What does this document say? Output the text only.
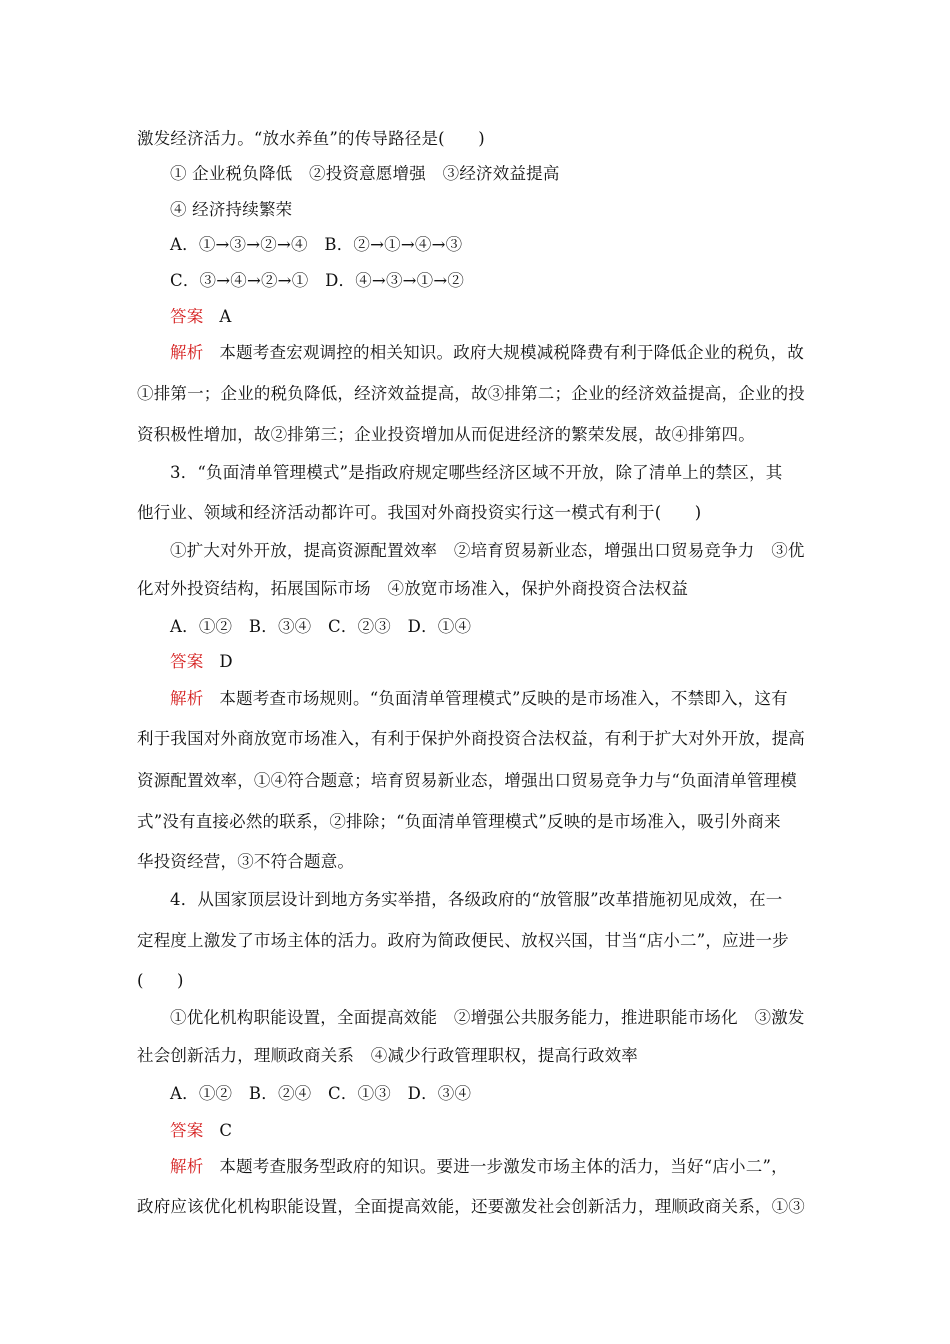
激发经济活力。“放水养鱼”的传导路径是(　　)
① 企业税负降低　②投资意愿增强　③经济效益提高
④ 经济持续繁荣
A．①→③→②→④　B．②→①→④→③
C．③→④→②→①　D．④→③→①→②
答案 A
解析 本题考查宏观调控的相关知识。政府大规模减税降费有利于降低企业的税负，故
①排第一；企业的税负降低，经济效益提高，故③排第二；企业的经济效益提高，企业的投
资积极性增加，故②排第三；企业投资增加从而促进经济的繁荣发展，故④排第四。
3．“负面清单管理模式”是指政府规定哪些经济区域不开放，除了清单上的禁区，其
他行业、领域和经济活动都许可。我国对外商投资实行这一模式有利于(　　)
①扩大对外开放，提高资源配置效率　②培育贸易新业态，增强出口贸易竞争力　③优
化对外投资结构，拓展国际市场　④放宽市场准入，保护外商投资合法权益
A．①②　B．③④　C．②③　D．①④
答案 D
解析 本题考查市场规则。“负面清单管理模式”反映的是市场准入，不禁即入，这有
利于我国对外商放宽市场准入，有利于保护外商投资合法权益，有利于扩大对外开放，提高
资源配置效率，①④符合题意；培育贸易新业态，增强出口贸易竞争力与“负面清单管理模
式”没有直接必然的联系，②排除；“负面清单管理模式”反映的是市场准入，吸引外商来
华投资经营，③不符合题意。
4．从国家顶层设计到地方务实举措，各级政府的“放管服”改革措施初见成效，在一
定程度上激发了市场主体的活力。政府为简政便民、放权兴国，甘当“店小二”，应进一步
(　　)
①优化机构职能设置，全面提高效能　②增强公共服务能力，推进职能市场化　③激发
社会创新活力，理顺政商关系　④减少行政管理职权，提高行政效率
A．①②　B．②④　C．①③　D．③④
答案 C
解析 本题考查服务型政府的知识。要进一步激发市场主体的活力，当好“店小二”，
政府应该优化机构职能设置，全面提高效能，还要激发社会创新活力，理顺政商关系，①③
